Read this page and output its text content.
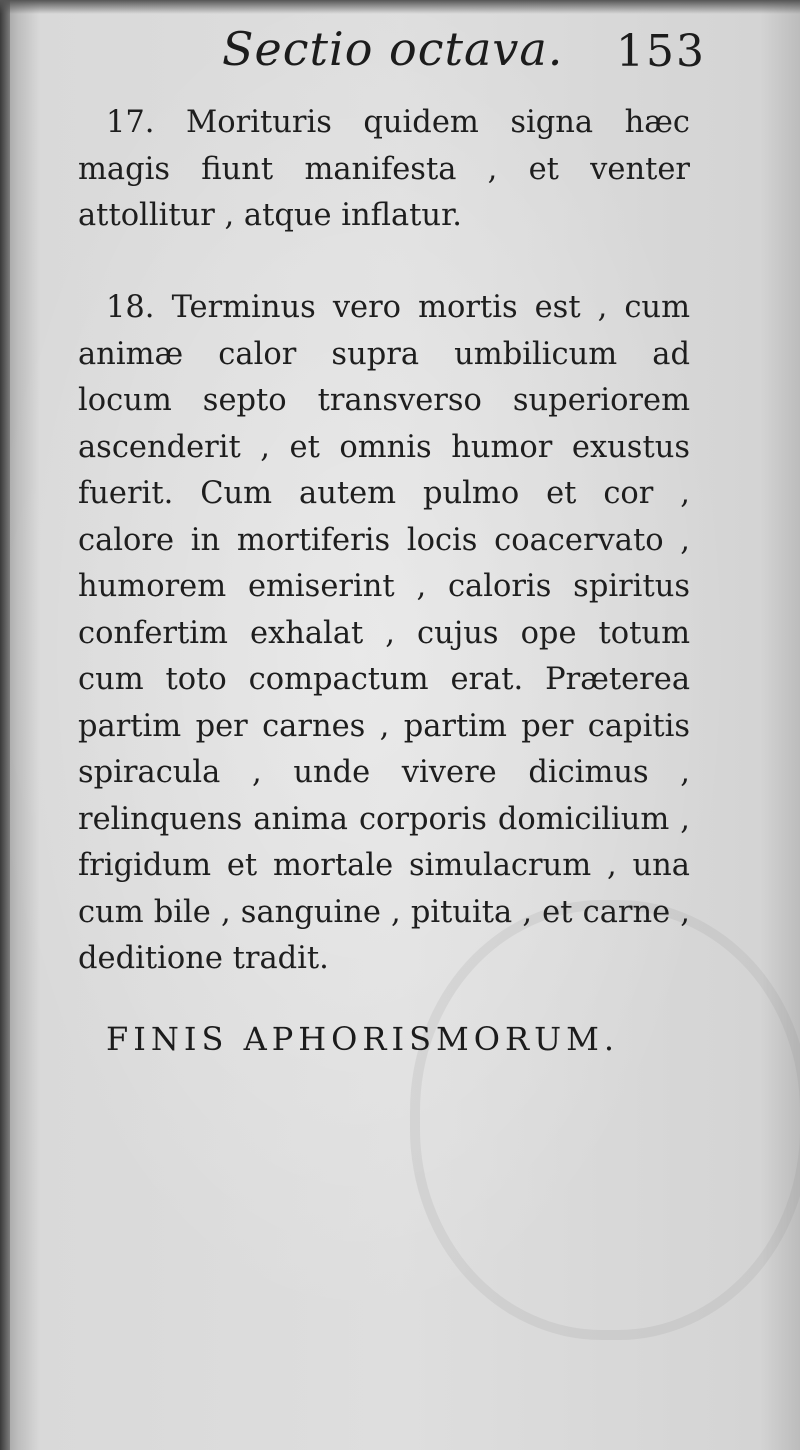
Sectio octava. 153
17. Morituris quidem signa hæc magis fiunt manifesta , et venter attollitur , atque inflatur.
18. Terminus vero mortis est , cum animæ calor supra umbilicum ad locum septo transverso superiorem ascenderit , et omnis humor exustus fuerit. Cum autem pulmo et cor , calore in mortiferis locis coacervato , humorem emiserint , caloris spiritus confertim exhalat , cujus ope totum cum toto compactum erat. Præterea partim per carnes , partim per capitis spiracula , unde vivere dicimus , relinquens anima corporis domicilium , frigidum et mortale simulacrum , una cum bile , sanguine , pituita , et carne , deditione tradit.
FINIS APHORISMORUM.
